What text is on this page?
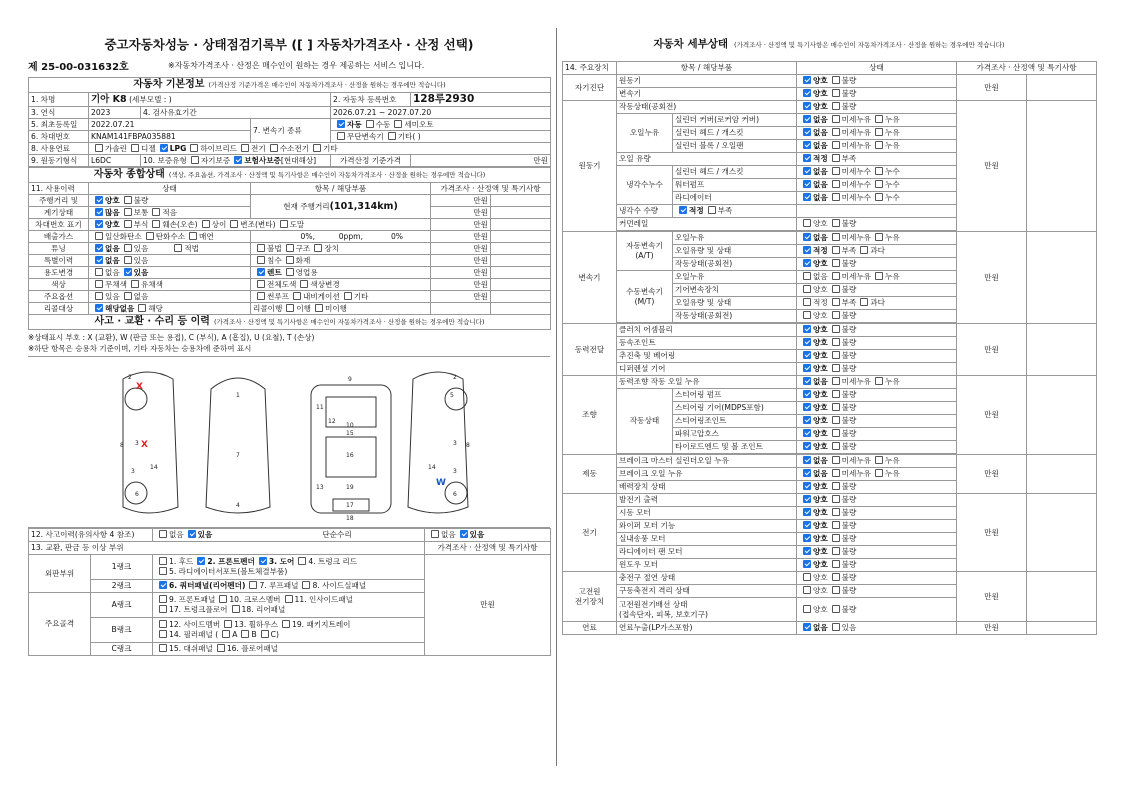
중고자동차성능 · 상태점검기록부 ([ ] 자동차가격조사 · 산정 선택)
제 25-00-031632호	※자동차가격조사 · 산정은 매수인이 원하는 경우 제공하는 서비스 입니다.
자동차 기본정보 (가격산정 기준가격은 매수인이 자동차가격조사 · 산정을 원하는 경우에만 적습니다)					
1. 차명	기아 K8 (세부모델 : )			2. 자동차 등록번호	128루2930
3. 연식	2023	4. 검사유효기간		2026.07.21 ~ 2027.07.20	
5. 최초등록일	2022.07.21		7. 변속기 종류	자동 수동 세미오토	
6. 차대번호	KNAM141FBPA035881			무단변속기 기타( )	
8. 사용연료	가솔린 디젤 LPG 하이브리드 전기 수소전기 기타				
9. 원동기형식	L6DC	10. 보증유형 자기보증 보험사보증[현대해상]		가격산정 기준가격	만원
자동차 종합상태 (색상, 주요옵션, 가격조사 · 산정액 및 특기사항은 매수인이 자동차가격조사 · 산정을 원하는 경우에만 적습니다)				
11. 사용이력	상태	항목 / 해당부품	가격조사 · 산정액 및 특기사항	
주행거리 및	양호 불량	현재 주행거리(101,314km)	만원	
계기상태	많음 보통 적음		만원	
차대번호 표기	양호 부식 훼손(오손) 상이 변조(변타) 도말		만원	
배출가스	일산화탄소 탄화수소 매연	0%, 0ppm, 0%	만원	
튜닝	없음 있음 적법	불법 구조 장치	만원	
특별이력	없음 있음	침수 화재	만원	
용도변경	없음 있음	렌트 영업용	만원	
색상	무채색 유채색	전체도색 색상변경	만원	
주요옵션	있음 없음	썬루프 내비게이션 기타	만원	
리콜대상	해당없음 해당	리콜이행 이행 미이행		
사고 · 교환 · 수리 등 이력 (가격조사 · 산정액 및 특기사항은 매수인이 자동차가격조사 · 산정을 원하는 경우에만 적습니다)				
※상태표시 부호 : X (교환), W (판금 또는 용접), C (부식), A (흠집), U (요철), T (손상)
※하단 항목은 승용차 기준이며, 기타 자동차는 승용차에 준하여 표시
2
8 3
3
6
14
1
7
4
9
10
11
12
13
15
16
17
18
19
2
8
3
3
6
14
5
X
X
W
12. 사고이력(유의사항 4 참조)		없음 있음 단순수리	없음 있음
13. 교환, 판금 등 이상 부위			가격조사 · 산정액 및 특기사항
외판부위	1랭크	1. 후드 2. 프론트펜더 3. 도어 4. 트렁크 리드
5. 라디에이터서포트(볼트체결부품)	만원
	2랭크	6. 쿼터패널(리어펜더) 7. 루프패널 8. 사이드실패널	
주요골격	A랭크	9. 프론트패널 10. 크로스멤버 11. 인사이드패널
17. 트렁크플로어 18. 리어패널	

	B랭크	12. 사이드멤버 13. 휠하우스 19. 패키지트레이
14. 필러패널 ( A B C)	

	C랭크	15. 대쉬패널 16. 플로어패널	
자동차 세부상태 (가격조사 · 산정액 및 특기사항은 매수인이 자동차가격조사 · 산정을 원하는 경우에만 적습니다)
14. 주요장치	항목 / 해당부품		상태	가격조사 · 산정액 및 특기사항	
자기진단	원동기		양호 불량	만원	
	변속기		양호 불량		
원동기	작동상태(공회전)		양호 불량	만원	
	오일누유	실린더 커버(로커암 커버)	없음 미세누유 누유		
		실린더 헤드 / 개스킷	없음 미세누유 누유		
		실린더 블록 / 오일팬	없음 미세누유 누유		
	오일 유량		적정 부족		
	냉각수누수	실린더 헤드 / 개스킷	없음 미세누수 누수		
		워터펌프	없음 미세누수 누수		
		라디에이터	없음 미세누수 누수		
	냉각수 수량	적정 부족			
	커먼레일		양호 불량		

변속기	자동변속기
(A/T)	오일누유	없음 미세누유 누유	만원	
		오일유량 및 상태	적정 부족 과다		
		작동상태(공회전)	양호 불량		

	수동변속기
(M/T)	오일누유	없음 미세누유 누유		
		기어변속장치	양호 불량		
		오일유량 및 상태	적정 부족 과다		
		작동상태(공회전)	양호 불량		

동력전달	클러치 어셈블리		양호 불량	만원	
	등속조인트		양호 불량		
	추진축 및 베어링		양호 불량		
	디퍼렌셜 기어		양호 불량		
조향	동력조향 작동 오일 누유		없음 미세누유 누유	만원	
	작동상태	스티어링 펌프	양호 불량		
		스티어링 기어(MDPS포함)	양호 불량		
		스티어링조인트	양호 불량		
		파워고압호스	양호 불량		
		타이로드엔드 및 볼 조인트	양호 불량		

제동	브레이크 마스터 실린더오일 누유		없음 미세누유 누유	만원	
	브레이크 오일 누유		없음 미세누유 누유		
	배력장치 상태		양호 불량		
전기	발전기 출력		양호 불량	만원	
	시동 모터		양호 불량		
	와이퍼 모터 기능		양호 불량		
	실내송풍 모터		양호 불량		
	라디에이터 팬 모터		양호 불량		
	윈도우 모터		양호 불량		

고전원
전기장치	충전구 절연 상태		양호 불량	만원	
	구동축전지 격리 상태		양호 불량		

	고전원전기배선 상태
(접속단자, 피복, 보호기구)		양호 불량		
연료	연료누출(LP가스포함)		없음 있음	만원	
